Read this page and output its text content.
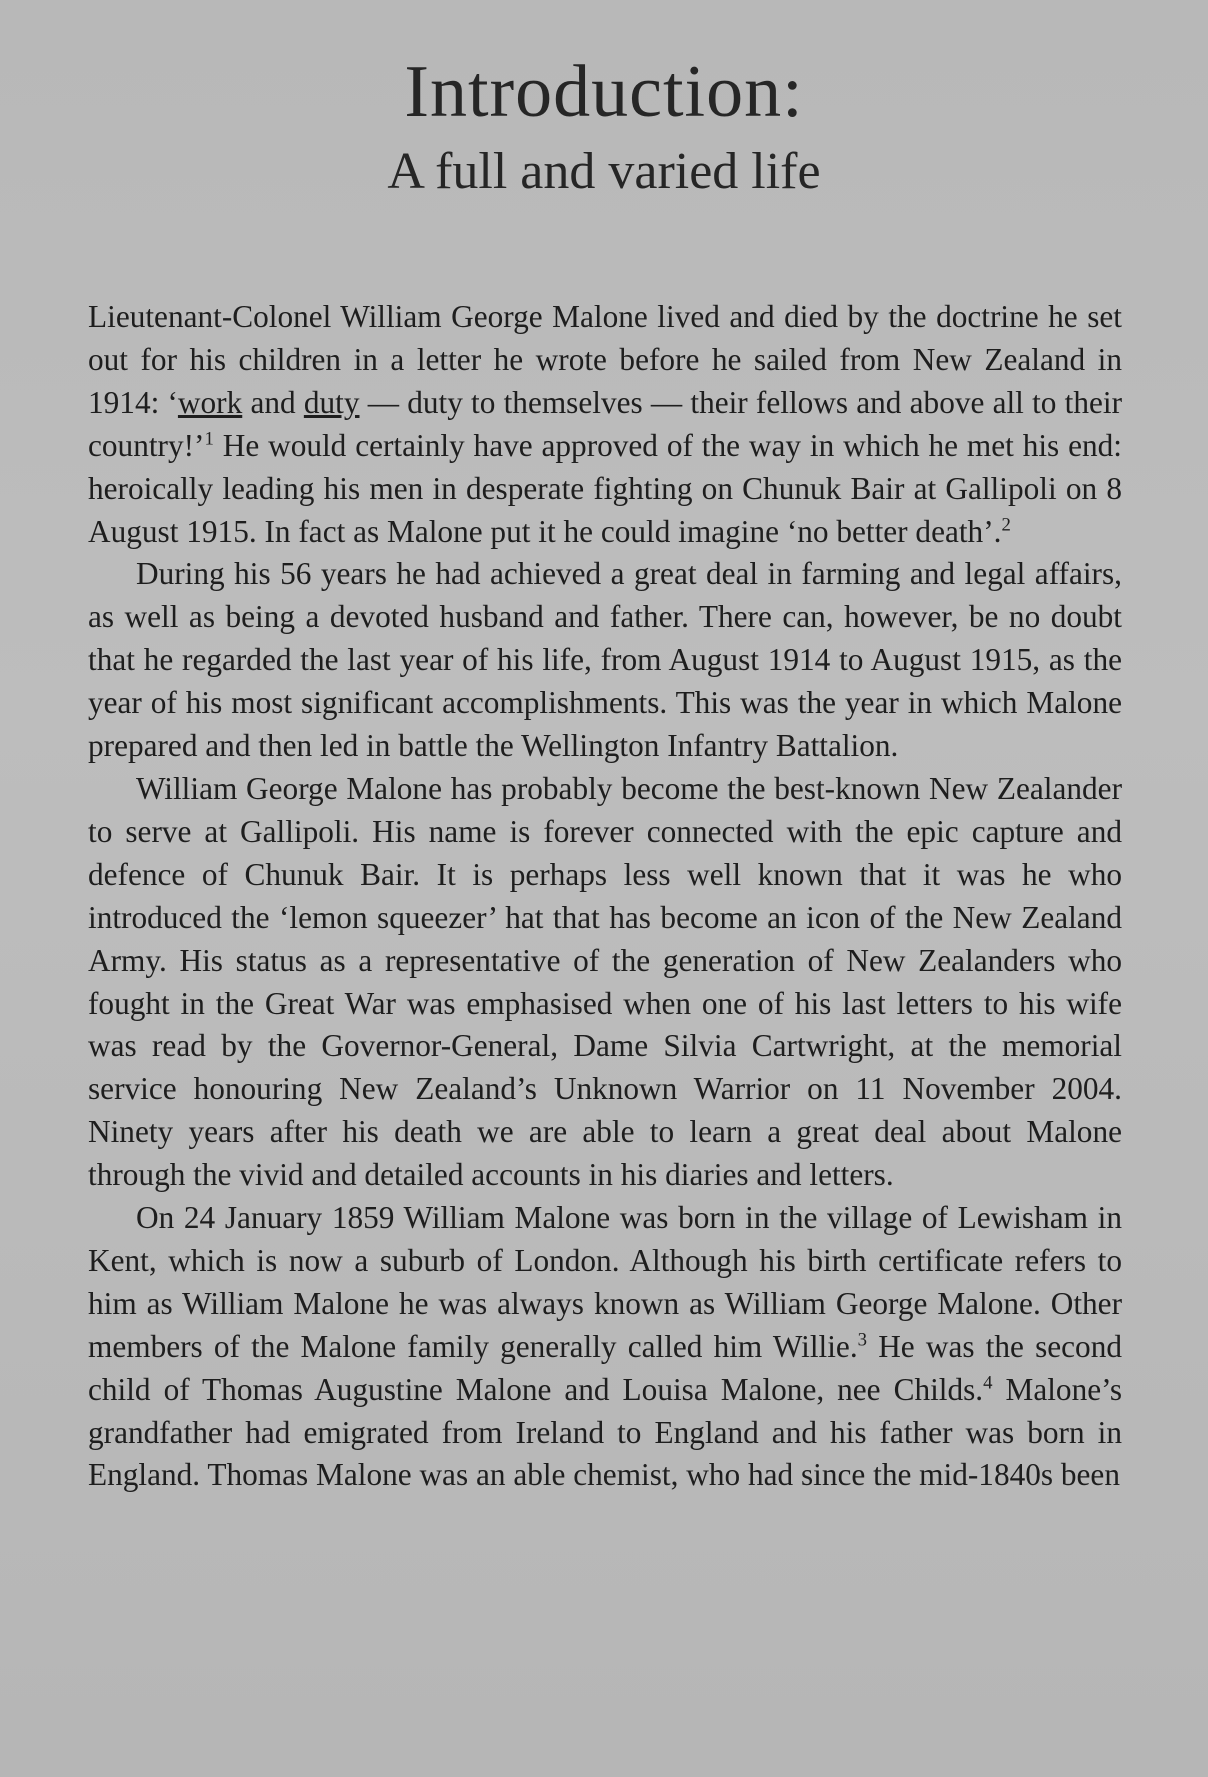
Introduction:
A full and varied life

Lieutenant-Colonel William George Malone lived and died by the doctrine he set out for his children in a letter he wrote before he sailed from New Zealand in 1914: ‘work and duty — duty to themselves — their fellows and above all to their country!’$^1$ He would certainly have approved of the way in which he met his end: heroically leading his men in desperate fighting on Chunuk Bair at Gallipoli on 8 August 1915. In fact as Malone put it he could imagine ‘no better death’.$^2$

During his 56 years he had achieved a great deal in farming and legal affairs, as well as being a devoted husband and father. There can, however, be no doubt that he regarded the last year of his life, from August 1914 to August 1915, as the year of his most significant accomplishments. This was the year in which Malone prepared and then led in battle the Wellington Infantry Battalion.

William George Malone has probably become the best-known New Zealander to serve at Gallipoli. His name is forever connected with the epic capture and defence of Chunuk Bair. It is perhaps less well known that it was he who introduced the ‘lemon squeezer’ hat that has become an icon of the New Zealand Army. His status as a representative of the generation of New Zealanders who fought in the Great War was emphasised when one of his last letters to his wife was read by the Governor-General, Dame Silvia Cartwright, at the memorial service honouring New Zealand’s Unknown Warrior on 11 November 2004. Ninety years after his death we are able to learn a great deal about Malone through the vivid and detailed accounts in his diaries and letters.

On 24 January 1859 William Malone was born in the village of Lewisham in Kent, which is now a suburb of London. Although his birth certificate refers to him as William Malone he was always known as William George Malone. Other members of the Malone family generally called him Willie.$^3$ He was the second child of Thomas Augustine Malone and Louisa Malone, nee Childs.$^4$ Malone’s grandfather had emigrated from Ireland to England and his father was born in England. Thomas Malone was an able chemist, who had since the mid-1840s been
